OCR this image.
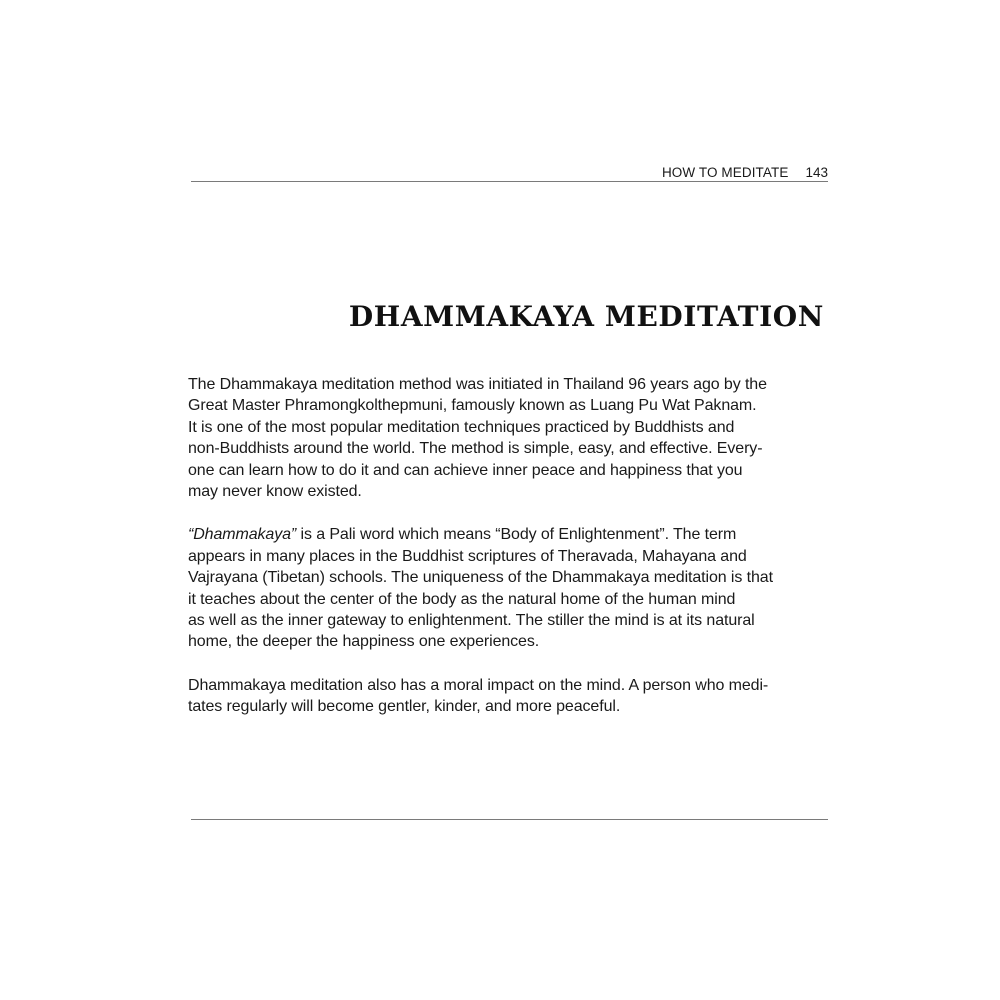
HOW TO MEDITATE 143
DHAMMAKAYA MEDITATION

The Dhammakaya meditation method was initiated in Thailand 96 years ago by the
Great Master Phramongkolthepmuni, famously known as Luang Pu Wat Paknam.
It is one of the most popular meditation techniques practiced by Buddhists and
non-Buddhists around the world. The method is simple, easy, and effective. Every-
one can learn how to do it and can achieve inner peace and happiness that you
may never know existed.

“Dhammakaya” is a Pali word which means “Body of Enlightenment”. The term
appears in many places in the Buddhist scriptures of Theravada, Mahayana and
Vajrayana (Tibetan) schools. The uniqueness of the Dhammakaya meditation is that
it teaches about the center of the body as the natural home of the human mind
as well as the inner gateway to enlightenment. The stiller the mind is at its natural
home, the deeper the happiness one experiences.

Dhammakaya meditation also has a moral impact on the mind. A person who medi-
tates regularly will become gentler, kinder, and more peaceful.
